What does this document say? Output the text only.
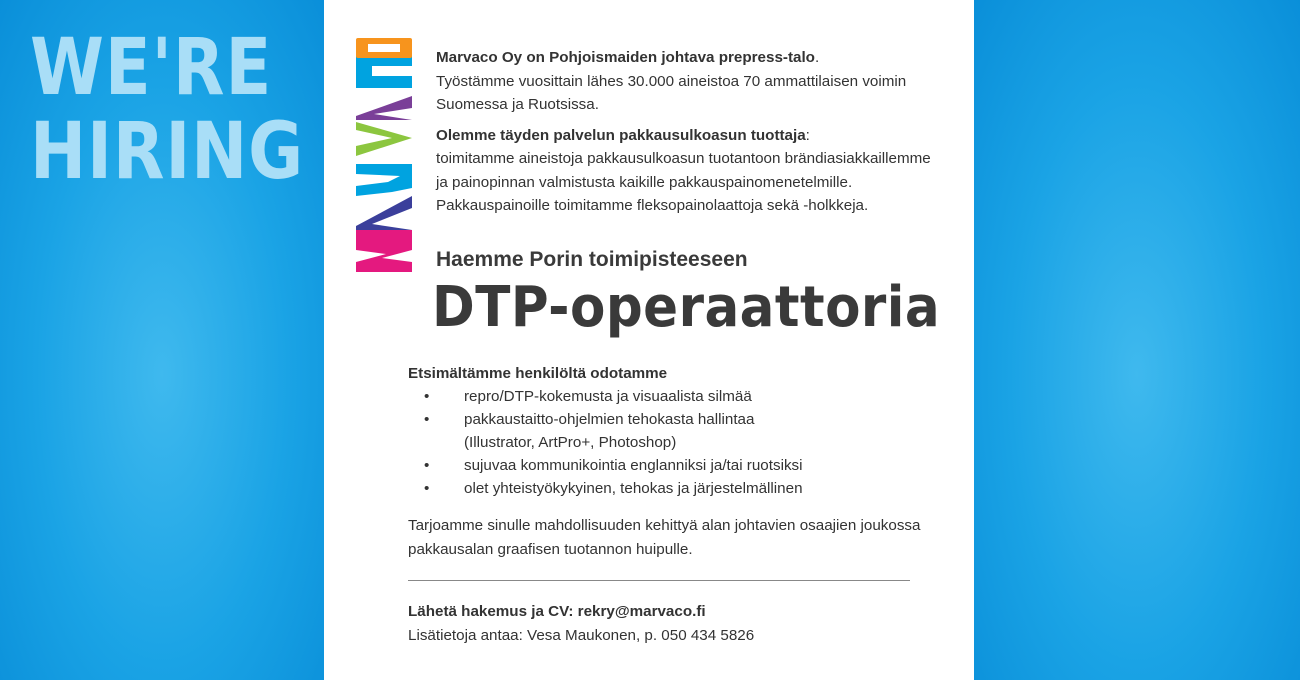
WE'RE
HIRING

Marvaco Oy on Pohjoismaiden johtava prepress-talo.
Työstämme vuosittain lähes 30.000 aineistoa 70 ammattilaisen voimin
Suomessa ja Ruotsissa.

Olemme täyden palvelun pakkausulkoasun tuottaja:
toimitamme aineistoja pakkausulkoasun tuotantoon brändiasiakkaillemme
ja painopinnan valmistusta kaikille pakkauspainomenetelmille.
Pakkauspainoille toimitamme fleksopainolaattoja sekä -holkkeja.

Haemme Porin toimipisteeseen
DTP-operaattoria
Etsimältämme henkilöltä odotamme
• repro/DTP-kokemusta ja visuaalista silmää
• pakkaustaitto-ohjelmien tehokasta hallintaa
(Illustrator, ArtPro+, Photoshop)
• sujuvaa kommunikointia englanniksi ja/tai ruotsiksi
• olet yhteistyökykyinen, tehokas ja järjestelmällinen
Tarjoamme sinulle mahdollisuuden kehittyä alan johtavien osaajien joukossa
pakkausalan graafisen tuotannon huipulle.
Lähetä hakemus ja CV: rekry@marvaco.fi
Lisätietoja antaa: Vesa Maukonen, p. 050 434 5826
